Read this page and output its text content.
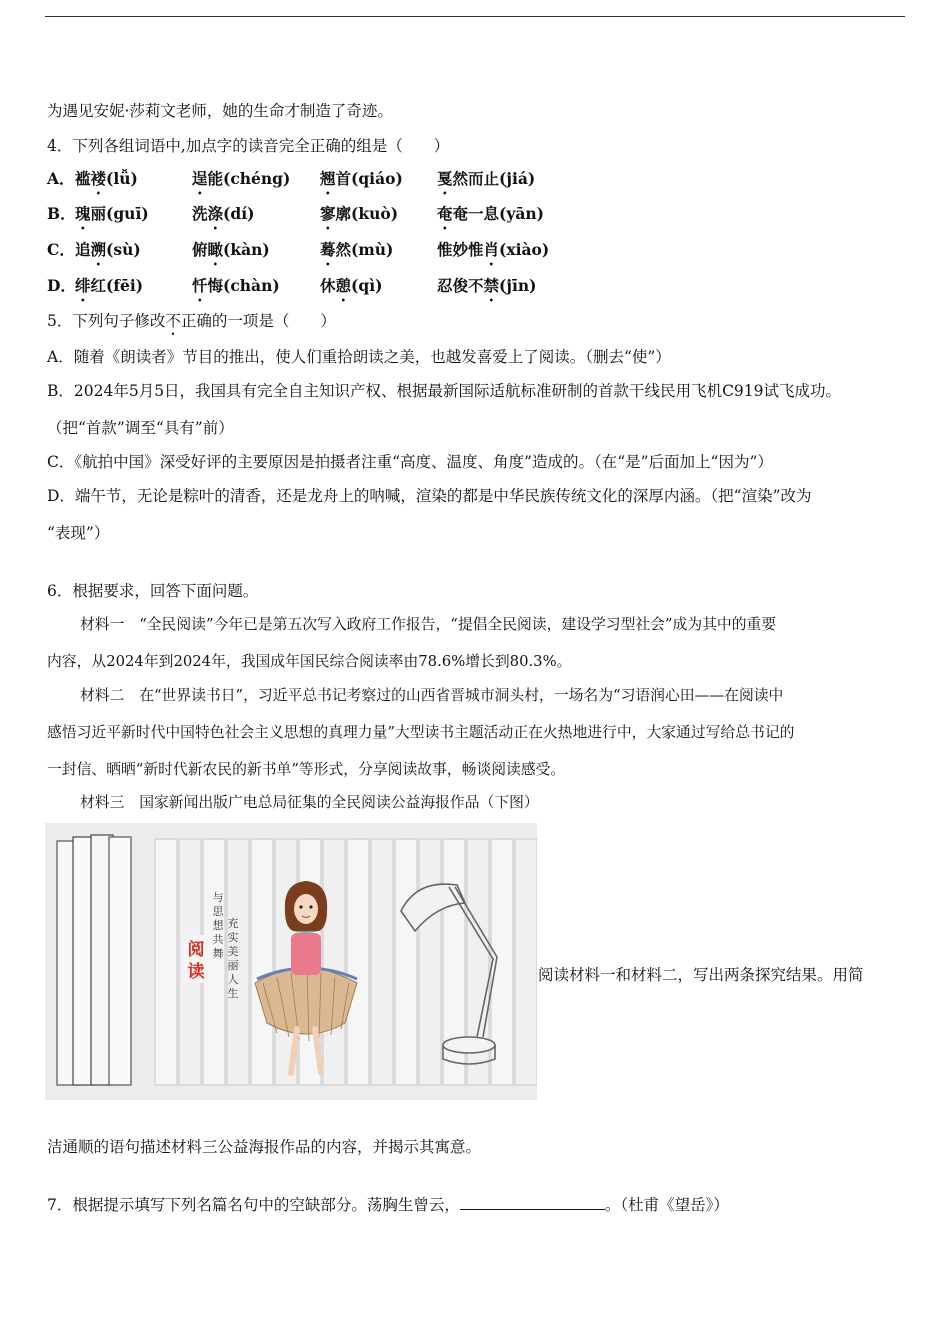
为遇见安妮·莎莉文老师，她的生命才制造了奇迹。
4．下列各组词语中,加点字的读音完全正确的组是（　　）
A． 褴褛(lǚ)	逞能(chéng) 翘首(qiáo) 戛然而止(jiá)
B． 瑰丽(guī)	洗涤(dí)	寥廓(kuò)	奄奄一息(yān)
C． 追溯(sù)	俯瞰(kàn)	蓦然(mù)	惟妙惟肖(xiào)
D． 绯红(fēi)	忏悔(chàn)	休憩(qì)	忍俊不禁(jīn)
5．下列句子修改不正确的一项是（　　）
A．随着《朗读者》节目的推出，使人们重拾朗读之美，也越发喜爱上了阅读。（删去“使”）
B．2024年5月5日，我国具有完全自主知识产权、根据最新国际适航标准研制的首款干线民用飞机C919试飞成功。
（把“首款”调至“具有”前）
C．《航拍中国》深受好评的主要原因是拍摄者注重“高度、温度、角度”造成的。（在“是”后面加上“因为”）
D．端午节，无论是粽叶的清香，还是龙舟上的呐喊，渲染的都是中华民族传统文化的深厚内涵。（把“渲染”改为
“表现”）
6．根据要求，回答下面问题。
材料一　“全民阅读”今年已是第五次写入政府工作报告，“提倡全民阅读，建设学习型社会”成为其中的重要
内容，从2024年到2024年，我国成年国民综合阅读率由78.6%增长到80.3%。
材料二　在“世界读书日”，习近平总书记考察过的山西省晋城市洞头村，一场名为“习语润心田——在阅读中
感悟习近平新时代中国特色社会主义思想的真理力量”大型读书主题活动正在火热地进行中，大家通过写给总书记的
一封信、晒晒“新时代新农民的新书单”等形式，分享阅读故事，畅谈阅读感受。
材料三　国家新闻出版广电总局征集的全民阅读公益海报作品（下图）
阅读
与思想共舞
充实美丽人生
阅读材料一和材料二，写出两条探究结果。用简
洁通顺的语句描述材料三公益海报作品的内容，并揭示其寓意。
7．根据提示填写下列名篇名句中的空缺部分。荡胸生曾云，	。（杜甫《望岳》）
